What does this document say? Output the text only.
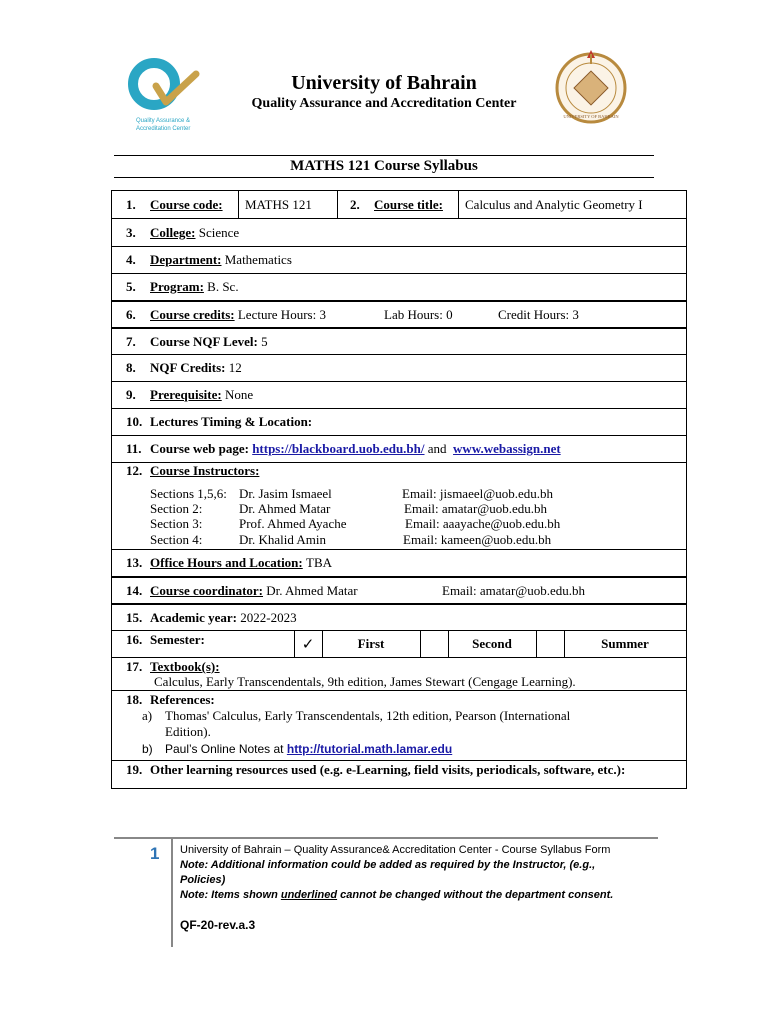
Quality Assurance &
Accreditation Center
University of Bahrain
Quality Assurance and Accreditation Center
UNIVERSITY OF BAHRAIN
MATHS 121 Course Syllabus
1.	Course code: MATHS 121	2.	Course title: Calculus and Analytic Geometry I
3.	College:
Science
4.	Department:
Mathematics
5.	Program:
B. Sc.
6.	Course credits:
Lecture Hours: 3	Lab Hours: 0	Credit Hours: 3
7.	Course NQF Level:
5
8.	NQF Credits:
12
9.	Prerequisite:
None
10. Lectures Timing & Location:
11. Course web page:
https://blackboard.uob.edu.bh/
and
www.webassign.net
12. Course Instructors:
Sections 1,5,6: Dr. Jasim Ismaeel	Email: jismaeel@uob.edu.bh
Section 2:	Dr. Ahmed Matar	Email: amatar@uob.edu.bh
Section 3:	Prof. Ahmed Ayache	Email: aaayache@uob.edu.bh
Section 4:	Dr. Khalid Amin	Email: kameen@uob.edu.bh
13. Office Hours and Location:
TBA
14. Course coordinator:
Dr. Ahmed Matar	Email: amatar@uob.edu.bh
15. Academic year:
2022-2023
16. Semester:	✓	First	Second	Summer
17. Textbook(s):
Calculus, Early Transcendentals, 9th edition, James Stewart (Cengage Learning).
18. References:
a) Thomas' Calculus, Early Transcendentals, 12th edition, Pearson (International
Edition).
b) Paul’s Online Notes at http://tutorial.math.lamar.edu
19. Other learning resources used (e.g. e-Learning, field visits, periodicals, software, etc.):
1 University of Bahrain – Quality Assurance& Accreditation Center - Course Syllabus Form
Note: Additional information could be added as required by the Instructor, (e.g.,
Policies)
Note: Items shown underlined cannot be changed without the department consent.
QF-20-rev.a.3
